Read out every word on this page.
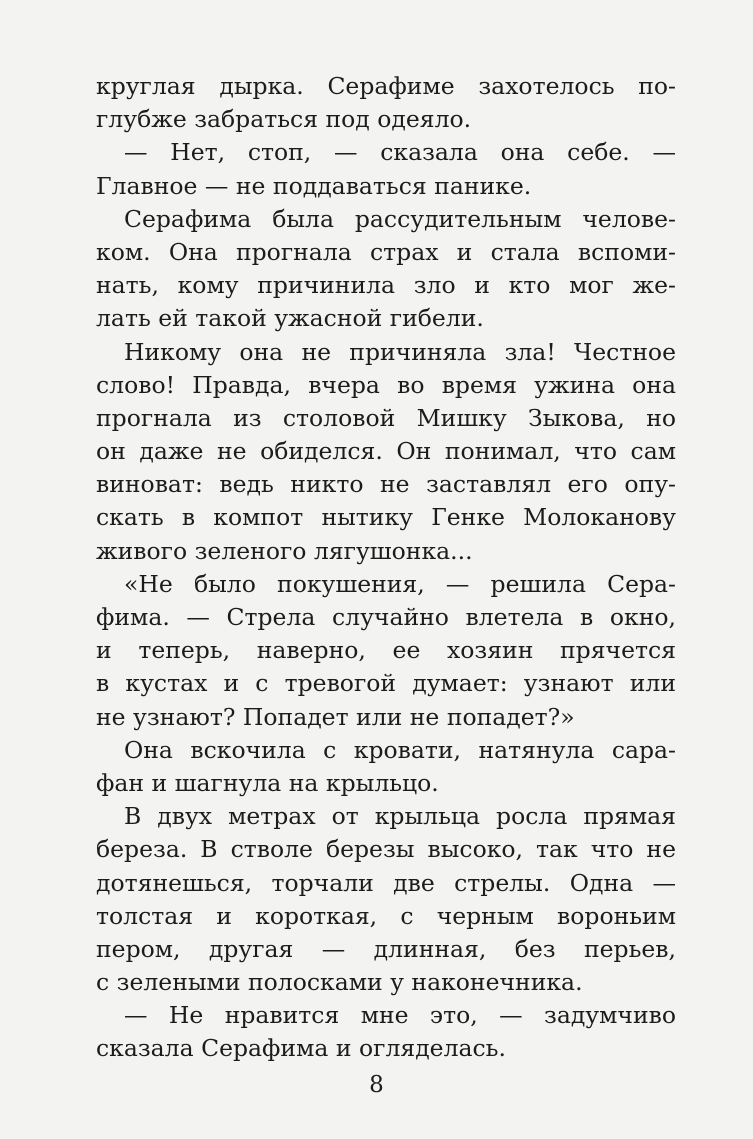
круглая дырка. Серафиме захотелось по-
глубже забраться под одеяло.
— Нет, стоп, — сказала она себе. —
Главное — не поддаваться панике.
Серафима была рассудительным челове-
ком. Она прогнала страх и стала вспоми-
нать, кому причинила зло и кто мог же-
лать ей такой ужасной гибели.
Никому она не причиняла зла! Честное
слово! Правда, вчера во время ужина она
прогнала из столовой Мишку Зыкова, но
он даже не обиделся. Он понимал, что сам
виноват: ведь никто не заставлял его опу-
скать в компот нытику Генке Молоканову
живого зеленого лягушонка...
«Не было покушения, — решила Сера-
фима. — Стрела случайно влетела в окно,
и теперь, наверно, ее хозяин прячется
в кустах и с тревогой думает: узнают или
не узнают? Попадет или не попадет?»
Она вскочила с кровати, натянула сара-
фан и шагнула на крыльцо.
В двух метрах от крыльца росла прямая
береза. В стволе березы высоко, так что не
дотянешься, торчали две стрелы. Одна —
толстая и короткая, с черным вороньим
пером, другая — длинная, без перьев,
с зелеными полосками у наконечника.
— Не нравится мне это, — задумчиво
сказала Серафима и огляделась.
8
